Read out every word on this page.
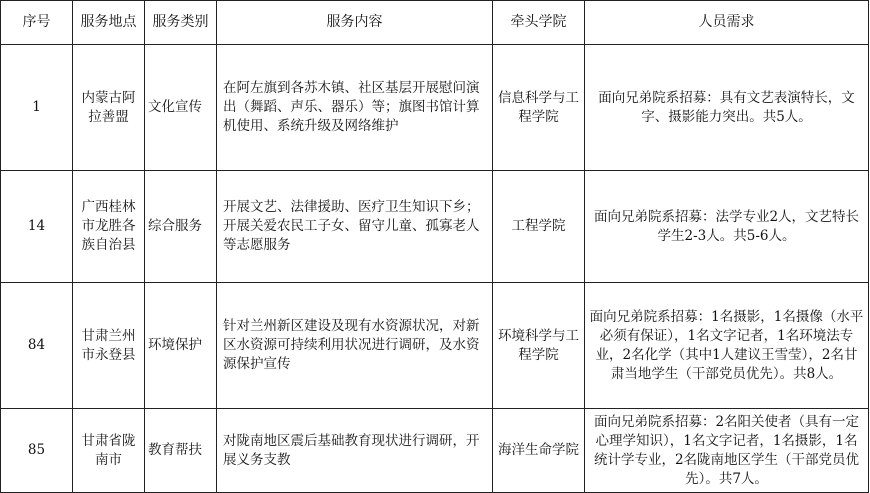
序号	服务地点	服务类别	服务内容	牵头学院	人员需求
1	内蒙古阿拉善盟	文化宣传	在阿左旗到各苏木镇、社区基层开展慰问演出（舞蹈、声乐、器乐）等；旗图书馆计算机使用、系统升级及网络维护	信息科学与工程学院	面向兄弟院系招募：具有文艺表演特长，文字、摄影能力突出。共5人。
14	广西桂林市龙胜各族自治县	综合服务	开展文艺、法律援助、医疗卫生知识下乡；开展关爱农民工子女、留守儿童、孤寡老人等志愿服务	工程学院	面向兄弟院系招募：法学专业2人，文艺特长学生2-3人。共5-6人。
84	甘肃兰州市永登县	环境保护	针对兰州新区建设及现有水资源状况，对新区水资源可持续利用状况进行调研，及水资源保护宣传	环境科学与工程学院	面向兄弟院系招募：1名摄影，1名摄像（水平必须有保证），1名文字记者，1名环境法专业，2名化学（其中1人建议王雪莹），2名甘肃当地学生（干部党员优先）。共8人。
85	甘肃省陇南市	教育帮扶	对陇南地区震后基础教育现状进行调研，开展义务支教	海洋生命学院	面向兄弟院系招募：2名阳关使者（具有一定心理学知识），1名文字记者，1名摄影，1名统计学专业，2名陇南地区学生（干部党员优先）。共7人。
